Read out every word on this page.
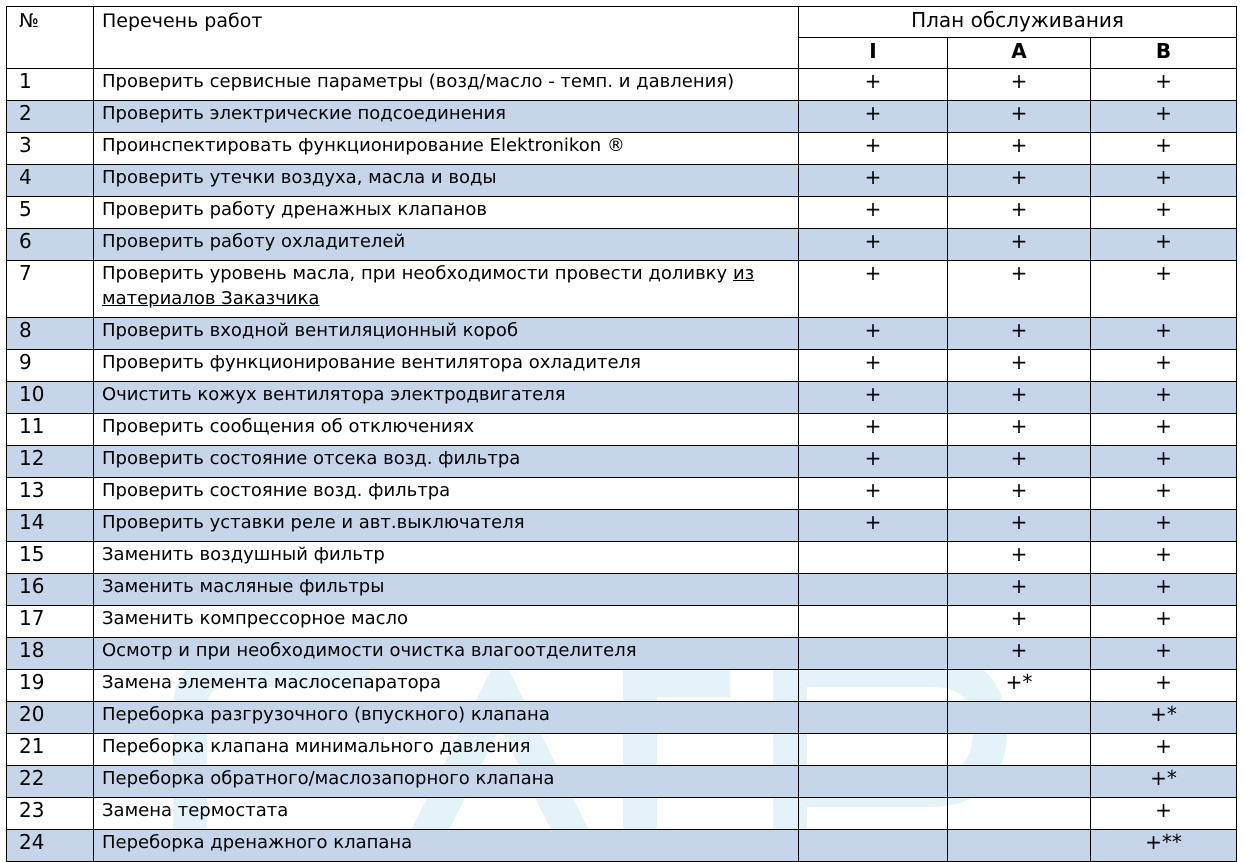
№	Перечень работ	План обслуживания		
		I	A	B
1	Проверить сервисные параметры (возд/масло - темп. и давления)	+	+	+
2	Проверить электрические подсоединения	+	+	+
3	Проинспектировать функционирование Elektronikon ®	+	+	+
4	Проверить утечки воздуха, масла и воды	+	+	+
5	Проверить работу дренажных клапанов	+	+	+
6	Проверить работу охладителей	+	+	+
7	Проверить уровень масла, при необходимости провести доливку из материалов Заказчика	+	+	+
8	Проверить входной вентиляционный короб	+	+	+
9	Проверить функционирование вентилятора охладителя	+	+	+
10	Очистить кожух вентилятора электродвигателя	+	+	+
11	Проверить сообщения об отключениях	+	+	+
12	Проверить состояние отсека возд. фильтра	+	+	+
13	Проверить состояние возд. фильтра	+	+	+
14	Проверить уставки реле и авт.выключателя	+	+	+
15	Заменить воздушный фильтр		+	+
16	Заменить масляные фильтры		+	+
17	Заменить компрессорное масло		+	+
18	Осмотр и при необходимости очистка влагоотделителя		+	+
19	Замена элемента маслосепаратора		+*	+
20	Переборка разгрузочного (впускного) клапана			+*
21	Переборка клапана минимального давления			+
22	Переборка обратного/маслозапорного клапана			+*
23	Замена термостата			+
24	Переборка дренажного клапана			+**
